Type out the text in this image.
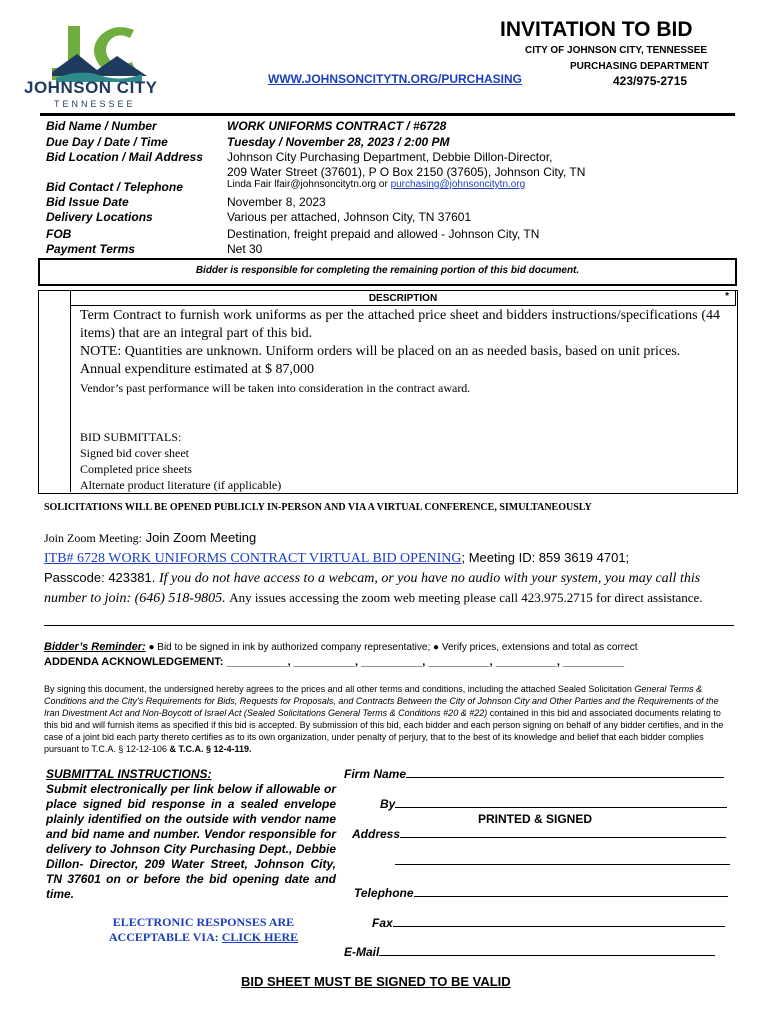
JOHNSON CITY
TENNESSEE
INVITATION TO BID
CITY OF JOHNSON CITY, TENNESSEE
PURCHASING DEPARTMENT
423/975-2715
WWW.JOHNSONCITYTN.ORG/PURCHASING
Bid Name / Number
Due Day / Date / Time
Bid Location / Mail Address
Bid Contact / Telephone
Bid Issue Date
Delivery Locations
FOB
Payment Terms
WORK UNIFORMS CONTRACT / #6728
Tuesday / November 28, 2023 / 2:00 PM
Johnson City Purchasing Department, Debbie Dillon-Director,
209 Water Street (37601), P O Box 2150 (37605), Johnson City, TN
Linda Fair lfair@johnsoncitytn.org or purchasing@johnsoncitytn.org
November 8, 2023
Various per attached, Johnson City, TN 37601
Destination, freight prepaid and allowed - Johnson City, TN
Net 30
Bidder is responsible for completing the remaining portion of this bid document.
DESCRIPTION	*

Term Contract to furnish work uniforms as per the attached price sheet and bidders instructions/specifications (44 items) that are an integral part of this bid.

NOTE: Quantities are unknown. Uniform orders will be placed on an as needed basis, based on unit prices.

Annual expenditure estimated at $ 87,000

Vendor’s past performance will be taken into consideration in the contract award.

BID SUBMITTALS:
Signed bid cover sheet
Completed price sheets
Alternate product literature (if applicable)
SOLICITATIONS WILL BE OPENED PUBLICLY IN-PERSON AND VIA A VIRTUAL CONFERENCE, SIMULTANEOUSLY
Join Zoom Meeting: Join Zoom Meeting
ITB# 6728 WORK UNIFORMS CONTRACT VIRTUAL BID OPENING; Meeting ID: 859 3619 4701;
Passcode: 423381. If you do not have access to a webcam, or you have no audio with your system, you may call this number to join: (646) 518-9805. Any issues accessing the zoom web meeting please call 423.975.2715 for direct assistance.
Bidder’s Reminder: ● Bid to be signed in ink by authorized company representative; ● Verify prices, extensions and total as correct
ADDENDA ACKNOWLEDGEMENT: __________, __________, __________, __________, __________, __________
By signing this document, the undersigned hereby agrees to the prices and all other terms and conditions, including the attached Sealed Solicitation General Terms & Conditions and the City's Requirements for Bids, Requests for Proposals, and Contracts Between the City of Johnson City and Other Parties and the Requirements of the Iran Divestment Act and Non-Boycott of Israel Act (Sealed Solicitations General Terms & Conditions #20 & #22) contained in this bid and associated documents relating to this bid and will furnish items as specified if this bid is accepted. By submission of this bid, each bidder and each person signing on behalf of any bidder certifies, and in the case of a joint bid each party thereto certifies as to its own organization, under penalty of perjury, that to the best of its knowledge and belief that each bidder complies pursuant to T.C.A. § 12-12-106 & T.C.A. § 12-4-119.
SUBMITTAL INSTRUCTIONS:
Submit electronically per link below if allowable or place signed bid response in a sealed envelope plainly identified on the outside with vendor name and bid name and number. Vendor responsible for delivery to Johnson City Purchasing Dept., Debbie Dillon- Director, 209 Water Street, Johnson City, TN 37601 on or before the bid opening date and time.
ELECTRONIC RESPONSES ARE ACCEPTABLE VIA: CLICK HERE
Firm Name
By
PRINTED & SIGNED
Address
Telephone
Fax
E-Mail
BID SHEET MUST BE SIGNED TO BE VALID
